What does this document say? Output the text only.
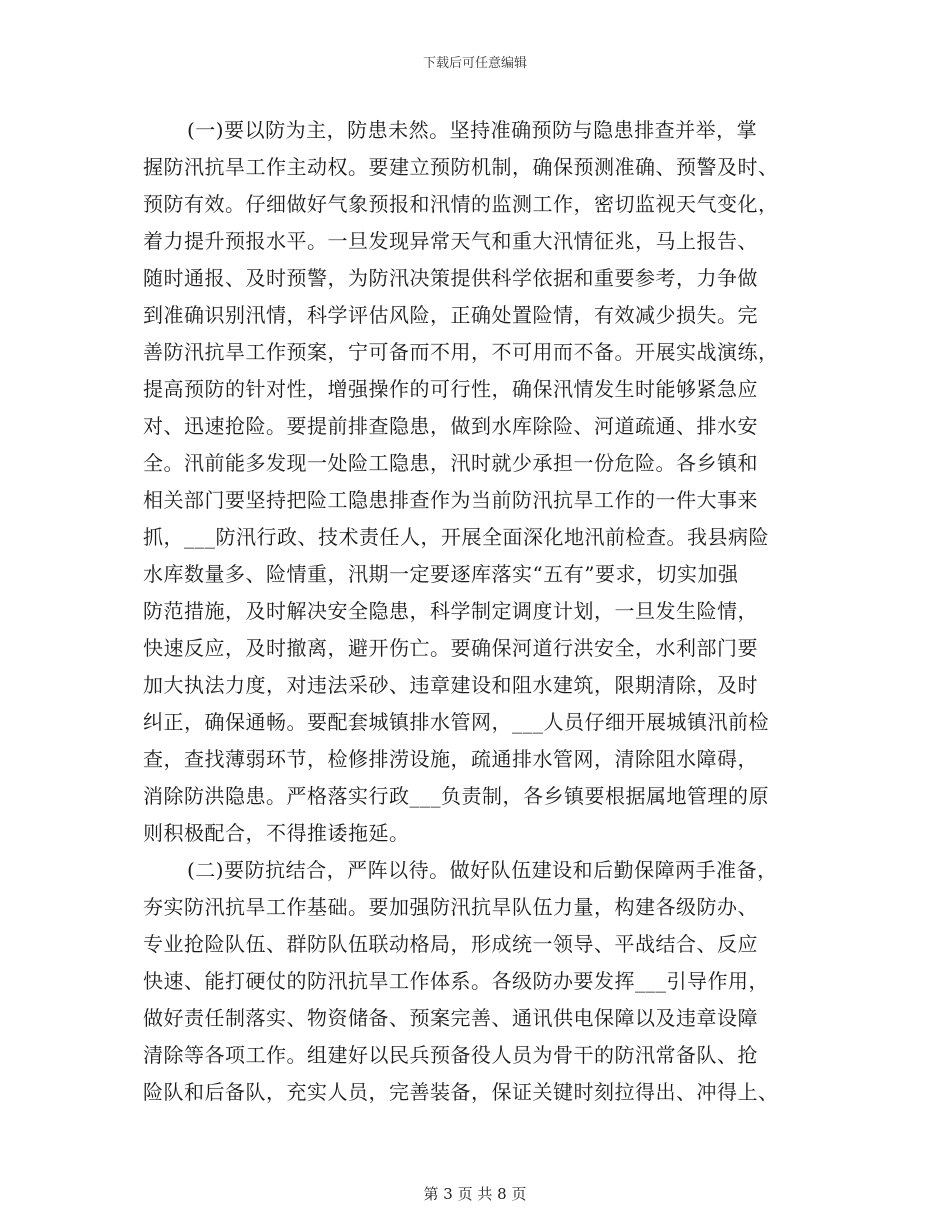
下载后可任意编辑
(一)要以防为主，防患未然。坚持准确预防与隐患排查并举，掌
握防汛抗旱工作主动权。要建立预防机制，确保预测准确、预警及时、
预防有效。仔细做好气象预报和汛情的监测工作，密切监视天气变化，
着力提升预报水平。一旦发现异常天气和重大汛情征兆，马上报告、
随时通报、及时预警，为防汛决策提供科学依据和重要参考，力争做
到准确识别汛情，科学评估风险，正确处置险情，有效减少损失。完
善防汛抗旱工作预案，宁可备而不用，不可用而不备。开展实战演练，
提高预防的针对性，增强操作的可行性，确保汛情发生时能够紧急应
对、迅速抢险。要提前排查隐患，做到水库除险、河道疏通、排水安
全。汛前能多发现一处险工隐患，汛时就少承担一份危险。各乡镇和
相关部门要坚持把险工隐患排查作为当前防汛抗旱工作的一件大事来
抓，___防汛行政、技术责任人，开展全面深化地汛前检查。我县病险
水库数量多、险情重，汛期一定要逐库落实“五有”要求，切实加强
防范措施，及时解决安全隐患，科学制定调度计划，一旦发生险情，
快速反应，及时撤离，避开伤亡。要确保河道行洪安全，水利部门要
加大执法力度，对违法采砂、违章建设和阻水建筑，限期清除，及时
纠正，确保通畅。要配套城镇排水管网，___人员仔细开展城镇汛前检
查，查找薄弱环节，检修排涝设施，疏通排水管网，清除阻水障碍，
消除防洪隐患。严格落实行政___负责制，各乡镇要根据属地管理的原
则积极配合，不得推诿拖延。
(二)要防抗结合，严阵以待。做好队伍建设和后勤保障两手准备，
夯实防汛抗旱工作基础。要加强防汛抗旱队伍力量，构建各级防办、
专业抢险队伍、群防队伍联动格局，形成统一领导、平战结合、反应
快速、能打硬仗的防汛抗旱工作体系。各级防办要发挥___引导作用，
做好责任制落实、物资储备、预案完善、通讯供电保障以及违章设障
清除等各项工作。组建好以民兵预备役人员为骨干的防汛常备队、抢
险队和后备队，充实人员，完善装备，保证关键时刻拉得出、冲得上、
第 3 页 共 8 页
